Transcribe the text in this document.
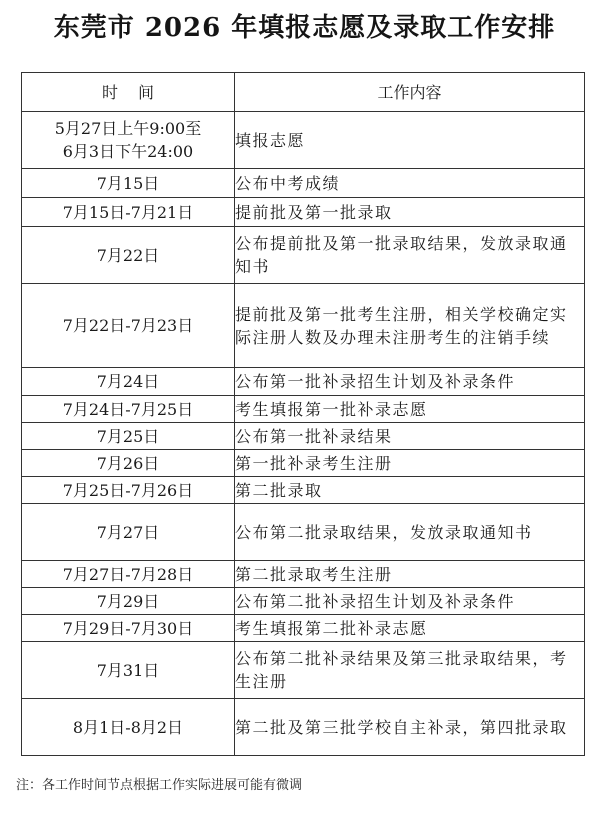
东莞市 2026 年填报志愿及录取工作安排
时间	工作内容
5月27日上午9:00至6月3日下午24:00	填报志愿
7月15日	公布中考成绩
7月15日-7月21日	提前批及第一批录取
7月22日	公布提前批及第一批录取结果，发放录取通知书
7月22日-7月23日	提前批及第一批考生注册，相关学校确定实际注册人数及办理未注册考生的注销手续
7月24日	公布第一批补录招生计划及补录条件
7月24日-7月25日	考生填报第一批补录志愿
7月25日	公布第一批补录结果
7月26日	第一批补录考生注册
7月25日-7月26日	第二批录取
7月27日	公布第二批录取结果，发放录取通知书
7月27日-7月28日	第二批录取考生注册
7月29日	公布第二批补录招生计划及补录条件
7月29日-7月30日	考生填报第二批补录志愿
7月31日	公布第二批补录结果及第三批录取结果，考生注册
8月1日-8月2日	第二批及第三批学校自主补录，第四批录取
注：各工作时间节点根据工作实际进展可能有微调
